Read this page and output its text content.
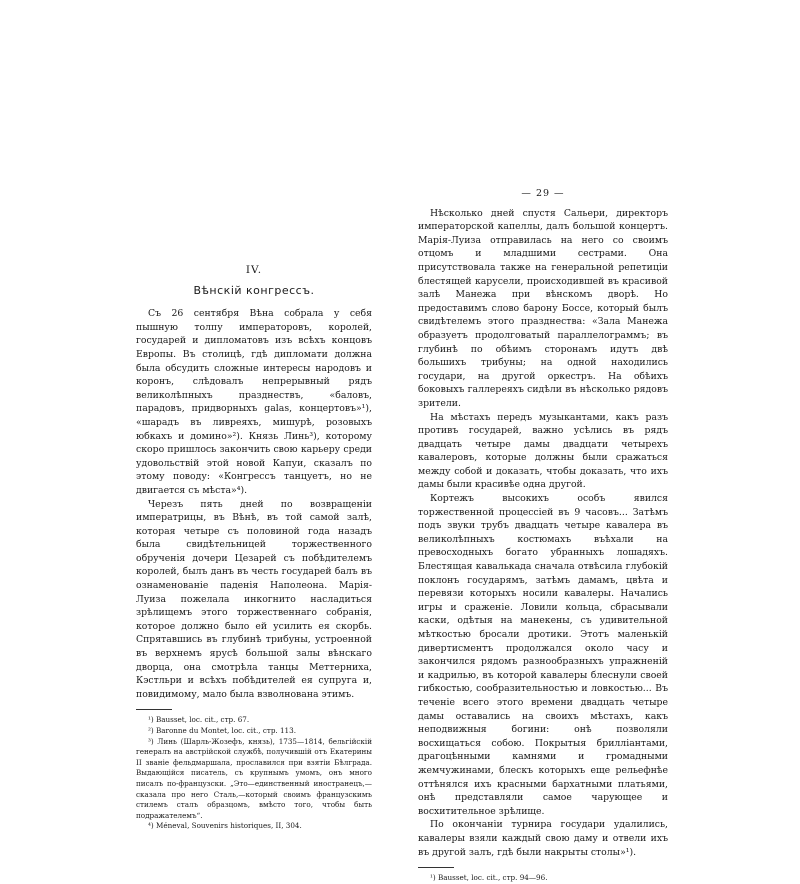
IV.
Вѣнскій конгрессъ.

Съ 26 сентября Вѣна собрала у себя пышную толпу императоровъ, королей, государей и дипломатовъ изъ всѣхъ концовъ Европы. Въ столицѣ, гдѣ дипломати должна была обсудить сложные интересы народовъ и коронъ, слѣдовалъ непрерывный рядъ великолѣпныхъ празднествъ, «баловъ, парадовъ, придворныхъ galas, концертовъ»¹), «шарадъ въ ливреяхъ, мишурѣ, розовыхъ юбкахъ и домино»²). Князь Линь³), которому скоро пришлось закончить свою карьеру среди удовольствій этой новой Капуи, сказалъ по этому поводу: «Конгрессъ танцуетъ, но не двигается съ мѣста»⁴).

Черезъ пять дней по возвращеніи императрицы, въ Вѣнѣ, въ той самой залѣ, которая четыре съ половиной года назадъ была свидѣтельницей торжественного обрученія дочери Цезарей съ побѣдителемъ королей, былъ данъ въ честь государей балъ въ ознаменованіе паденія Наполеона. Марія-Луиза пожелала инкогнито насладиться зрѣлищемъ этого торжественнаго собранія, которое должно было ей усилить ея скорбь. Спрятавшись въ глубинѣ трибуны, устроенной въ верхнемъ ярусѣ большой залы вѣнскаго дворца, она смотрѣла танцы Меттерниха, Кэстльри и всѣхъ побѣдителей ея супруга и, повидимому, мало была взволнована этимъ.

¹) Bausset, loc. cit., стр. 67.

²) Baronne du Montet, loc. cit., стр. 113.

³) Линь (Шарль-Жозефъ, князь), 1735—1814, бельгійскій генералъ на австрійской службѣ, получившій отъ Екатерины II званіе фельдмаршала, прославился при взятіи Бѣлграда. Выдающійся писатель, съ крупнымъ умомъ, онъ много писалъ по-французски. „Это—единственный иностранецъ,—сказала про него Сталь,—который своимъ французскимъ стилемъ сталъ образцомъ, вмѣсто того, чтобы быть подражателемъ“.

⁴) Méneval, Souvenirs historiques, II, 304.

— 29 —

Нѣсколько дней спустя Сальери, директоръ императорской капеллы, далъ большой концертъ. Марія-Луиза отправилась на него со своимъ отцомъ и младшими сестрами. Она присутствовала также на генеральной репетиціи блестящей карусели, происходившей въ красивой залѣ Манежа при вѣнскомъ дворѣ. Но предоставимъ слово барону Боссе, который былъ свидѣтелемъ этого празднества: «Зала Манежа образуетъ продолговатый параллелограммъ; въ глубинѣ по обѣимъ сторонамъ идутъ двѣ большихъ трибуны; на одной находились государи, на другой оркестръ. На обѣихъ боковыхъ галлереяхъ сидѣли въ нѣсколько рядовъ зрители.

На мѣстахъ передъ музыкантами, какъ разъ противъ государей, важно усѣлись въ рядъ двадцать четыре дамы двадцати четырехъ кавалеровъ, которые должны были сражаться между собой и доказать, чтобы доказать, что ихъ дамы были красивѣе одна другой.

Кортежъ высокихъ особъ явился торжественной процессіей въ 9 часовъ... Затѣмъ подъ звуки трубъ двадцать четыре кавалера въ великолѣпныхъ костюмахъ въѣхали на превосходныхъ богато убранныхъ лошадяхъ. Блестящая кавалькада сначала отвѣсила глубокій поклонъ государямъ, затѣмъ дамамъ, цвѣта и перевязи которыхъ носили кавалеры. Начались игры и сраженіе. Ловили кольца, сбрасывали каски, одѣтыя на манекены, съ удивительной мѣткостью бросали дротики. Этотъ маленькій дивертисментъ продолжался около часу и закончился рядомъ разнообразныхъ упражненій и кадрилью, въ которой кавалеры блеснули своей гибкостью, сообразительностью и ловкостью... Въ теченіе всего этого времени двадцать четыре дамы оставались на своихъ мѣстахъ, какъ неподвижныя богини: онѣ позволяли восхищаться собою. Покрытыя брилліантами, драгоцѣнными камнями и громадными жемчужинами, блескъ которыхъ еще рельефнѣе оттѣнялся ихъ красными бархатными платьями, онѣ представляли самое чарующее и восхитительное зрѣлище.

По окончаніи турнира государи удалились, кавалеры взяли каждый свою даму и отвели ихъ въ другой залъ, гдѣ были накрыты столы»¹).

¹) Bausset, loc. cit., стр. 94—96.
